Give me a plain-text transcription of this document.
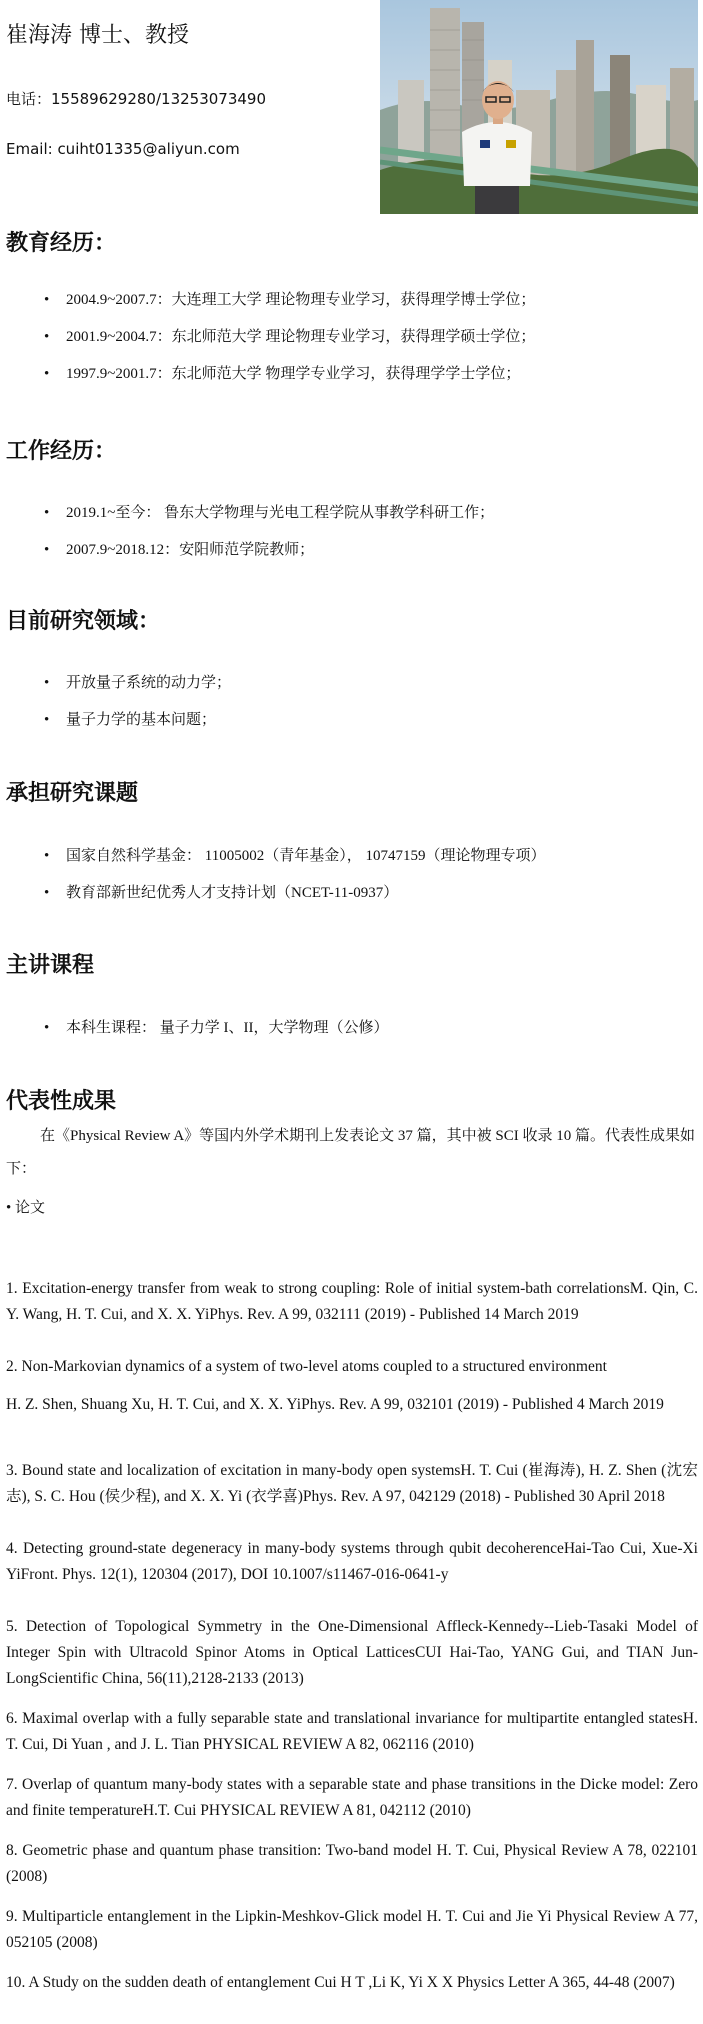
崔海涛 博士、教授
电话：15589629280/13253073490
Email: cuiht01335@aliyun.com
教育经历：
• 2004.9~2007.7：大连理工大学 理论物理专业学习，获得理学博士学位；
• 2001.9~2004.7：东北师范大学 理论物理专业学习，获得理学硕士学位；
• 1997.9~2001.7：东北师范大学 物理学专业学习，获得理学学士学位；
工作经历：
• 2019.1~至今： 鲁东大学物理与光电工程学院从事教学科研工作；
• 2007.9~2018.12：安阳师范学院教师；
目前研究领域：
• 开放量子系统的动力学；
• 量子力学的基本问题；
承担研究课题
• 国家自然科学基金： 11005002（青年基金）， 10747159（理论物理专项）
• 教育部新世纪优秀人才支持计划（NCET-11-0937）
主讲课程
• 本科生课程： 量子力学 I、II，大学物理（公修）
代表性成果

在《Physical Review A》等国内外学术期刊上发表论文 37 篇，其中被 SCI 收录 10 篇。代表性成果如下：

• 论文

1. Excitation-energy transfer from weak to strong coupling: Role of initial system-bath correlationsM. Qin, C. Y. Wang, H. T. Cui, and X. X. YiPhys. Rev. A 99, 032111 (2019) - Published 14 March 2019

2. Non-Markovian dynamics of a system of two-level atoms coupled to a structured environment

H. Z. Shen, Shuang Xu, H. T. Cui, and X. X. YiPhys. Rev. A 99, 032101 (2019) - Published 4 March 2019

3. Bound state and localization of excitation in many-body open systemsH. T. Cui (崔海涛), H. Z. Shen (沈宏志), S. C. Hou (侯少程), and X. X. Yi (衣学喜)Phys. Rev. A 97, 042129 (2018) - Published 30 April 2018

4. Detecting ground-state degeneracy in many-body systems through qubit decoherenceHai-Tao Cui, Xue-Xi YiFront. Phys. 12(1), 120304 (2017), DOI 10.1007/s11467-016-0641-y

5. Detection of Topological Symmetry in the One-Dimensional Affleck-Kennedy--Lieb-Tasaki Model of Integer Spin with Ultracold Spinor Atoms in Optical LatticesCUI Hai-Tao, YANG Gui, and TIAN Jun-LongScientific China, 56(11),2128-2133 (2013)

6. Maximal overlap with a fully separable state and translational invariance for multipartite entangled statesH. T. Cui, Di Yuan , and J. L. Tian PHYSICAL REVIEW A 82, 062116 (2010)

7. Overlap of quantum many-body states with a separable state and phase transitions in the Dicke model: Zero and finite temperatureH.T. Cui PHYSICAL REVIEW A 81, 042112 (2010)

8. Geometric phase and quantum phase transition: Two-band model H. T. Cui, Physical Review A 78, 022101 (2008)

9. Multiparticle entanglement in the Lipkin-Meshkov-Glick model H. T. Cui and Jie Yi Physical Review A 77, 052105 (2008)

10. A Study on the sudden death of entanglement Cui H T ,Li K, Yi X X Physics Letter A 365, 44-48 (2007)
